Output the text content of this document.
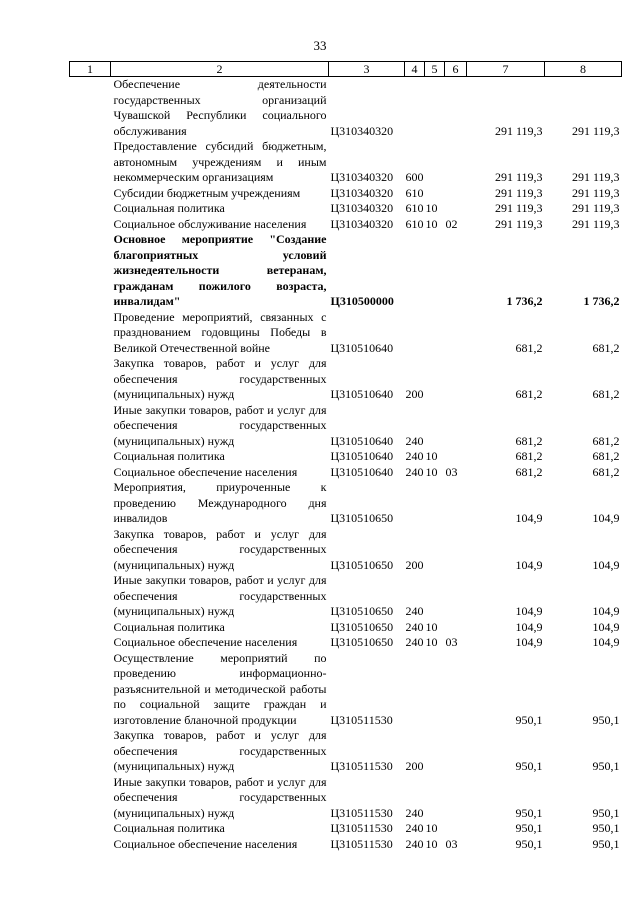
33
1	2	3	4	5	6	7	8
	Обеспечение деятельности государственных организаций Чувашской Республики социального обслуживания	Ц310340320				291 119,3	291 119,3
	Предоставление субсидий бюджетным, автономным учреждениям и иным некоммерческим организациям	Ц310340320	600			291 119,3	291 119,3
	Субсидии бюджетным учреждениям	Ц310340320	610			291 119,3	291 119,3
	Социальная политика	Ц310340320	610	10		291 119,3	291 119,3
	Социальное обслуживание населения	Ц310340320	610	10	02	291 119,3	291 119,3
	Основное мероприятие "Создание благоприятных условий жизнедеятельности ветеранам, гражданам пожилого возраста, инвалидам"	Ц310500000				1 736,2	1 736,2
	Проведение мероприятий, связанных с празднованием годовщины Победы в Великой Отечественной войне	Ц310510640				681,2	681,2
	Закупка товаров, работ и услуг для обеспечения государственных (муниципальных) нужд	Ц310510640	200			681,2	681,2
	Иные закупки товаров, работ и услуг для обеспечения государственных (муниципальных) нужд	Ц310510640	240			681,2	681,2
	Социальная политика	Ц310510640	240	10		681,2	681,2
	Социальное обеспечение населения	Ц310510640	240	10	03	681,2	681,2
	Мероприятия, приуроченные к проведению Международного дня инвалидов	Ц310510650				104,9	104,9
	Закупка товаров, работ и услуг для обеспечения государственных (муниципальных) нужд	Ц310510650	200			104,9	104,9
	Иные закупки товаров, работ и услуг для обеспечения государственных (муниципальных) нужд	Ц310510650	240			104,9	104,9
	Социальная политика	Ц310510650	240	10		104,9	104,9
	Социальное обеспечение населения	Ц310510650	240	10	03	104,9	104,9
	Осуществление мероприятий по проведению информационно-разъяснительной и методической работы по социальной защите граждан и изготовление бланочной продукции	Ц310511530				950,1	950,1
	Закупка товаров, работ и услуг для обеспечения государственных (муниципальных) нужд	Ц310511530	200			950,1	950,1
	Иные закупки товаров, работ и услуг для обеспечения государственных (муниципальных) нужд	Ц310511530	240			950,1	950,1
	Социальная политика	Ц310511530	240	10		950,1	950,1
	Социальное обеспечение населения	Ц310511530	240	10	03	950,1	950,1
